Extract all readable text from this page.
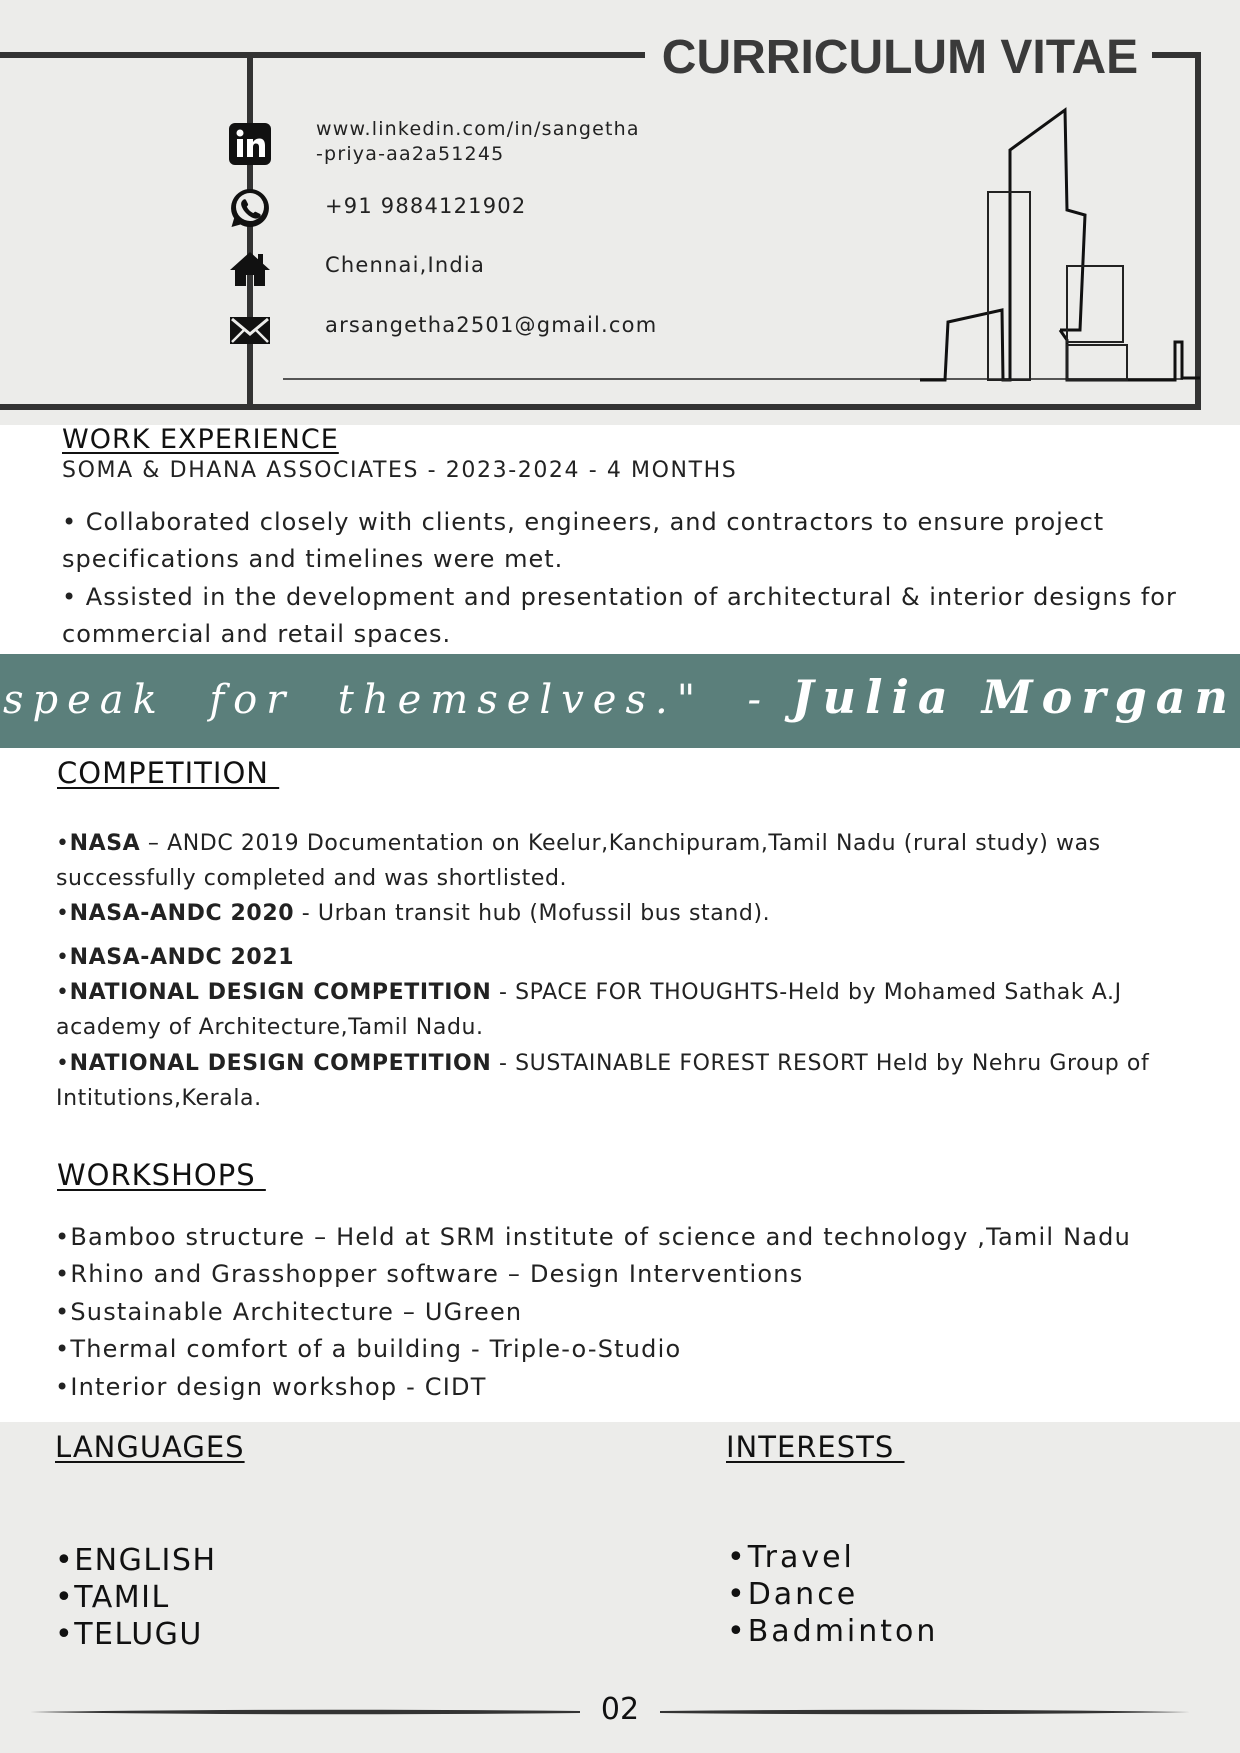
CURRICULUM VITAE
www.linkedin.com/in/sangetha
-priya-aa2a51245
+91 9884121902
Chennai,India
arsangetha2501@gmail.com
WORK EXPERIENCE
SOMA & DHANA ASSOCIATES - 2023-2024 - 4 MONTHS
• Collaborated closely with clients, engineers, and contractors to ensure project specifications and timelines were met.
• Assisted in the development and presentation of architectural & interior designs for commercial and retail spaces.
speak  for  themselves."  - Julia Morgan
COMPETITION
•NASA – ANDC 2019 Documentation on Keelur,Kanchipuram,Tamil Nadu (rural study) was successfully completed and was shortlisted.
•NASA-ANDC 2020 - Urban transit hub (Mofussil bus stand).
•NASA-ANDC 2021
•NATIONAL DESIGN COMPETITION - SPACE FOR THOUGHTS-Held by Mohamed Sathak A.J academy of Architecture,Tamil Nadu.
•NATIONAL DESIGN COMPETITION - SUSTAINABLE FOREST RESORT Held by Nehru Group of Intitutions,Kerala.
WORKSHOPS
•Bamboo structure – Held at SRM institute of science and technology ,Tamil Nadu
•Rhino and Grasshopper software – Design Interventions
•Sustainable Architecture – UGreen
•Thermal comfort of a building - Triple-o-Studio
•Interior design workshop - CIDT
LANGUAGES
•ENGLISH
•TAMIL
•TELUGU
INTERESTS
•Travel
•Dance
•Badminton
02
